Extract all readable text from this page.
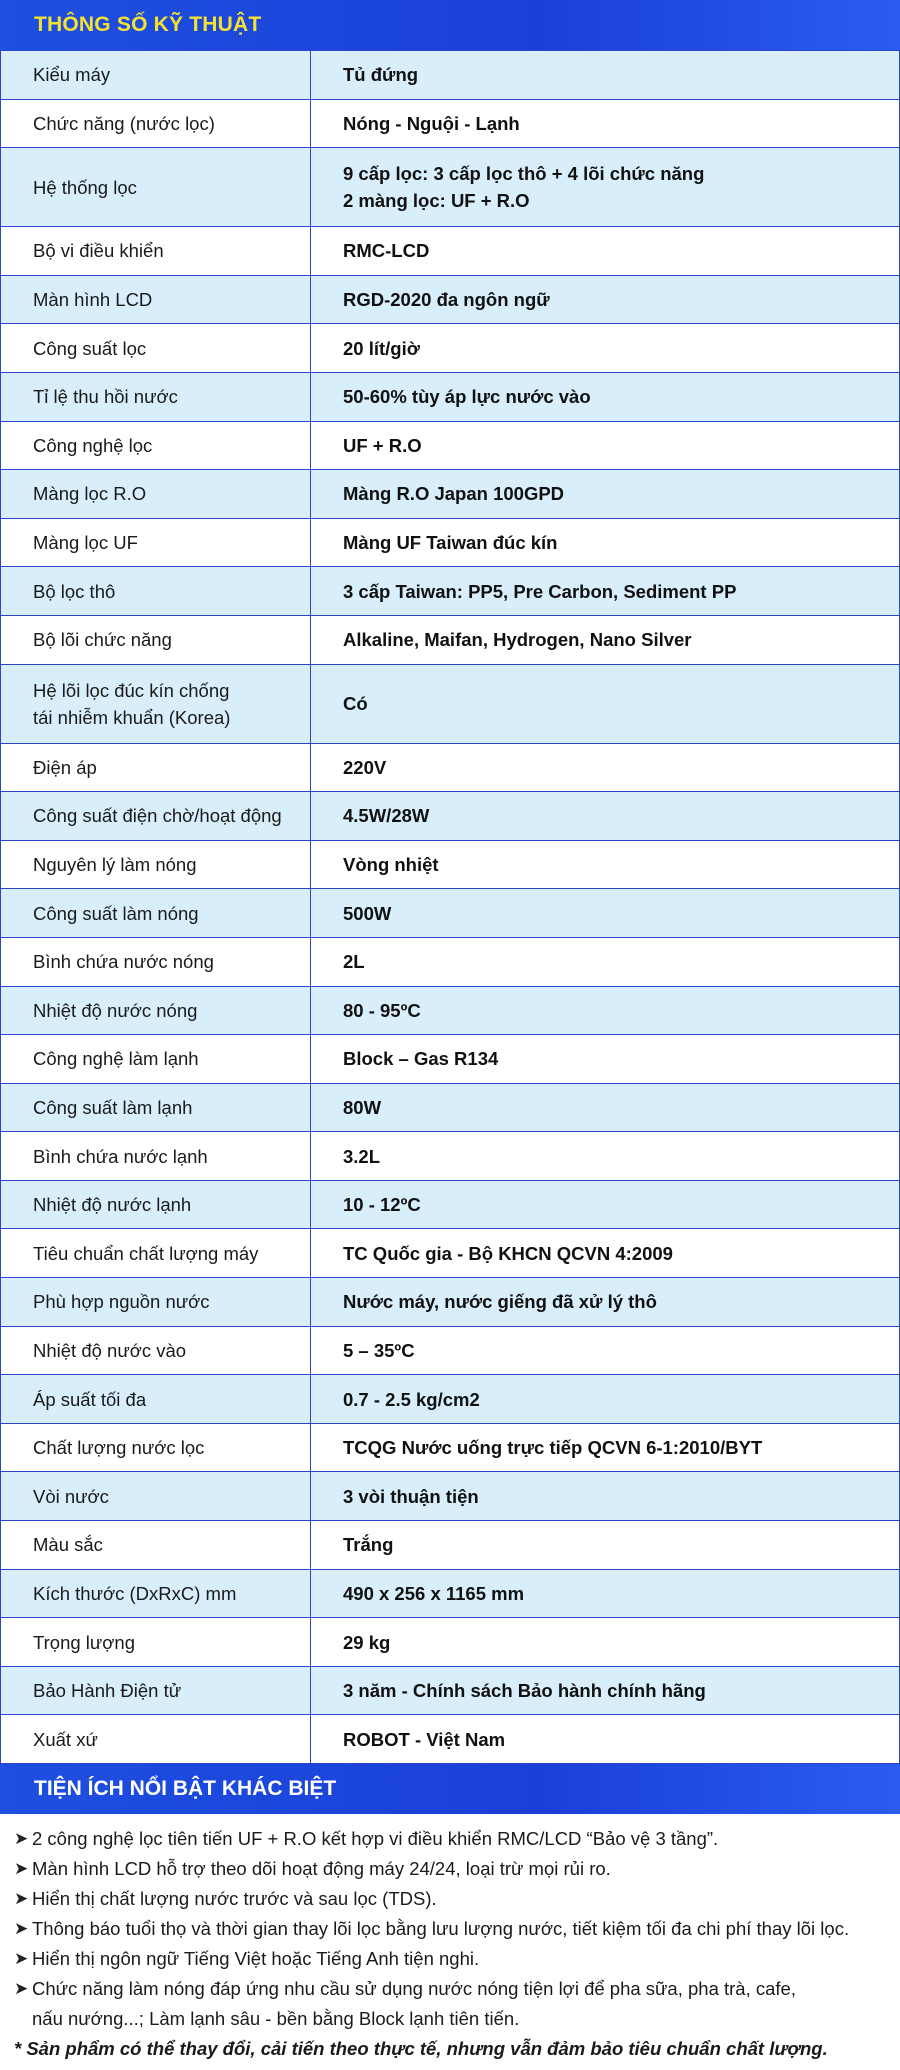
THÔNG SỐ KỸ THUẬT
Kiểu máy	Tủ đứng
Chức năng (nước lọc)	Nóng - Nguội - Lạnh
Hệ thống lọc	9 cấp lọc: 3 cấp lọc thô + 4 lõi chức năng
2 màng lọc: UF + R.O

Bộ vi điều khiển	RMC-LCD
Màn hình LCD	RGD-2020 đa ngôn ngữ
Công suất lọc	20 lít/giờ
Tỉ lệ thu hồi nước	50-60% tùy áp lực nước vào
Công nghệ lọc	UF + R.O
Màng lọc R.O	Màng R.O Japan 100GPD
Màng lọc UF	Màng UF Taiwan đúc kín
Bộ lọc thô	3 cấp Taiwan: PP5, Pre Carbon, Sediment PP
Bộ lõi chức năng	Alkaline, Maifan, Hydrogen, Nano Silver

Hệ lõi lọc đúc kín chống
tái nhiễm khuẩn (Korea)	Có
Điện áp	220V
Công suất điện chờ/hoạt động	4.5W/28W
Nguyên lý làm nóng	Vòng nhiệt
Công suất làm nóng	500W
Bình chứa nước nóng	2L
Nhiệt độ nước nóng	80 - 95ºC
Công nghệ làm lạnh	Block – Gas R134
Công suất làm lạnh	80W
Bình chứa nước lạnh	3.2L
Nhiệt độ nước lạnh	10 - 12ºC
Tiêu chuẩn chất lượng máy	TC Quốc gia - Bộ KHCN QCVN 4:2009
Phù hợp nguồn nước	Nước máy, nước giếng đã xử lý thô
Nhiệt độ nước vào	5 – 35ºC
Áp suất tối đa	0.7 - 2.5 kg/cm2
Chất lượng nước lọc	TCQG Nước uống trực tiếp QCVN 6-1:2010/BYT
Vòi nước	3 vòi thuận tiện
Màu sắc	Trắng
Kích thước (DxRxC) mm	490 x 256 x 1165 mm
Trọng lượng	29 kg
Bảo Hành Điện tử	3 năm - Chính sách Bảo hành chính hãng
Xuất xứ	ROBOT - Việt Nam
TIỆN ÍCH NỔI BẬT KHÁC BIỆT
➤ 2 công nghệ lọc tiên tiến UF + R.O kết hợp vi điều khiển RMC/LCD “Bảo vệ 3 tầng”.
➤ Màn hình LCD hỗ trợ theo dõi hoạt động máy 24/24, loại trừ mọi rủi ro.
➤ Hiển thị chất lượng nước trước và sau lọc (TDS).
➤ Thông báo tuổi thọ và thời gian thay lõi lọc bằng lưu lượng nước, tiết kiệm tối đa chi phí thay lõi lọc.
➤ Hiển thị ngôn ngữ Tiếng Việt hoặc Tiếng Anh tiện nghi.
➤ Chức năng làm nóng đáp ứng nhu cầu sử dụng nước nóng tiện lợi để pha sữa, pha trà, cafe,
nấu nướng...; Làm lạnh sâu - bền bằng Block lạnh tiên tiến.
* Sản phẩm có thể thay đổi, cải tiến theo thực tế, nhưng vẫn đảm bảo tiêu chuẩn chất lượng.
